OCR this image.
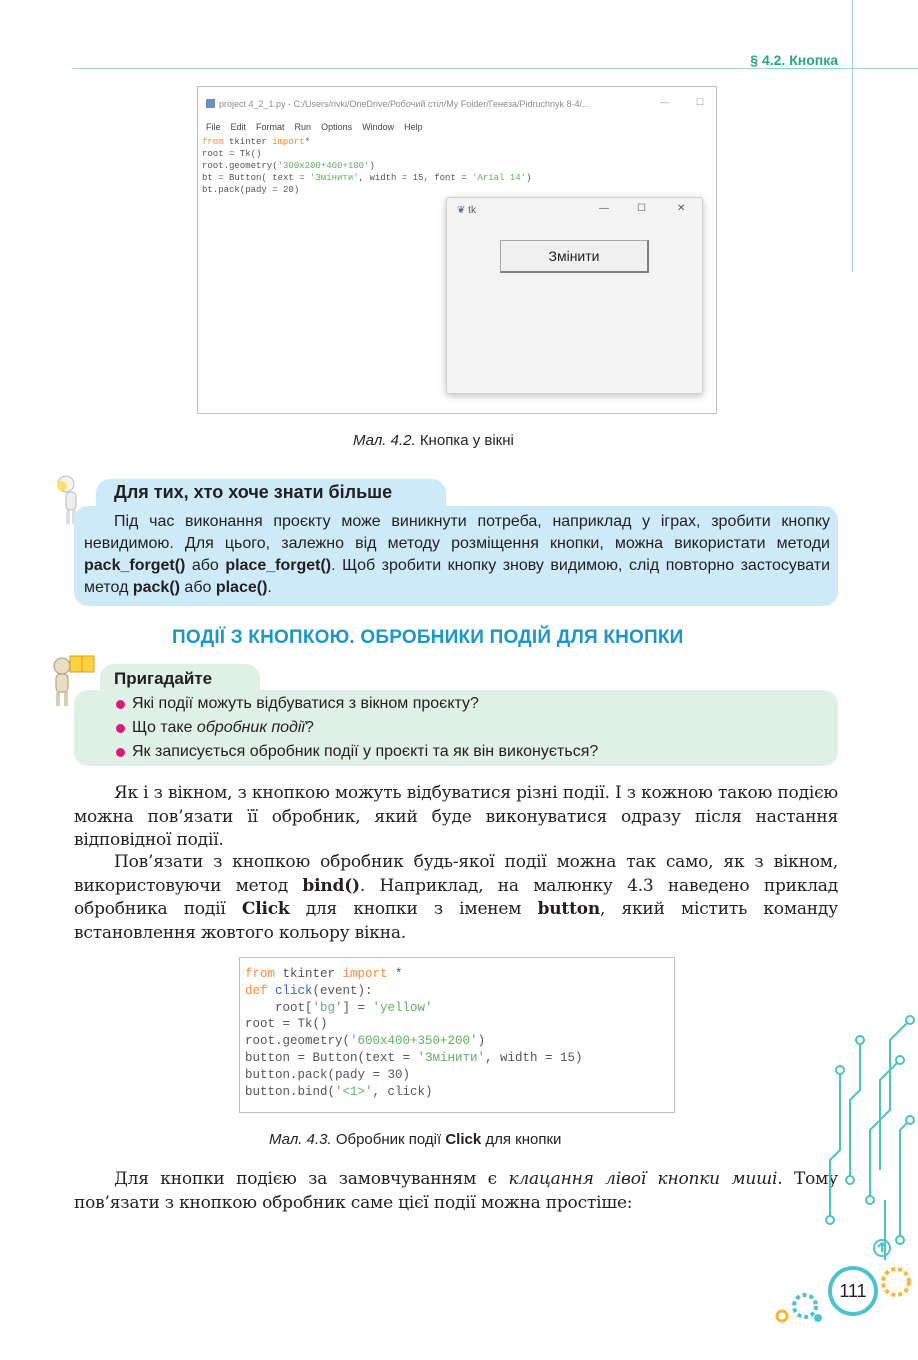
§ 4.2. Кнопка
project 4_2_1.py - C:/Users/rivki/OneDrive/Робочий стіл/My Folder/Генеза/Pidruchnyk 8-4/...	—	☐
File Edit Format Run Options Window Help
from tkinter import*
root = Tk()
root.geometry('300x200+400+100')
bt = Button( text = 'Змінити', width = 15, font = 'Arial 14')
bt.pack(pady = 20)
❦ tk	—	☐	✕
Змінити
Мал. 4.2. Кнопка у вікні
Для тих, хто хоче знати більше

Під час виконання проєкту може виникнути потреба, наприклад у іграх, зробити кнопку невидимою. Для цього, залежно від методу розміщення кнопки, можна використати методи pack_forget() або place_forget(). Щоб зробити кнопку знову видимою, слід повторно застосувати метод pack() або place().

ПОДІЇ З КНОПКОЮ. ОБРОБНИКИ ПОДІЙ ДЛЯ КНОПКИ
Пригадайте
Які події можуть відбуватися з вікном проєкту?
Що таке обробник події?
Як записується обробник події у проєкті та як він виконується?

Як і з вікном, з кнопкою можуть відбуватися різні події. І з кожною такою подією можна пов’язати її обробник, який буде виконуватися одразу після настання відповідної події.

Пов’язати з кнопкою обробник будь-якої події можна так само, як з вікном, використовуючи метод bind(). Наприклад, на малюнку 4.3 наведено приклад обробника події Click для кнопки з іменем button, який містить команду встановлення жовтого кольору вікна.

from tkinter import *
def click(event):
root['bg'] = 'yellow'
root = Tk()
root.geometry('600x400+350+200')
button = Button(text = 'Змінити', width = 15)
button.pack(pady = 30)
button.bind('<1>', click)
Мал. 4.3. Обробник події Click для кнопки

Для кнопки подією за замовчуванням є клацання лівої кнопки миші. Тому пов’язати з кнопкою обробник саме цієї події можна простіше:

111
